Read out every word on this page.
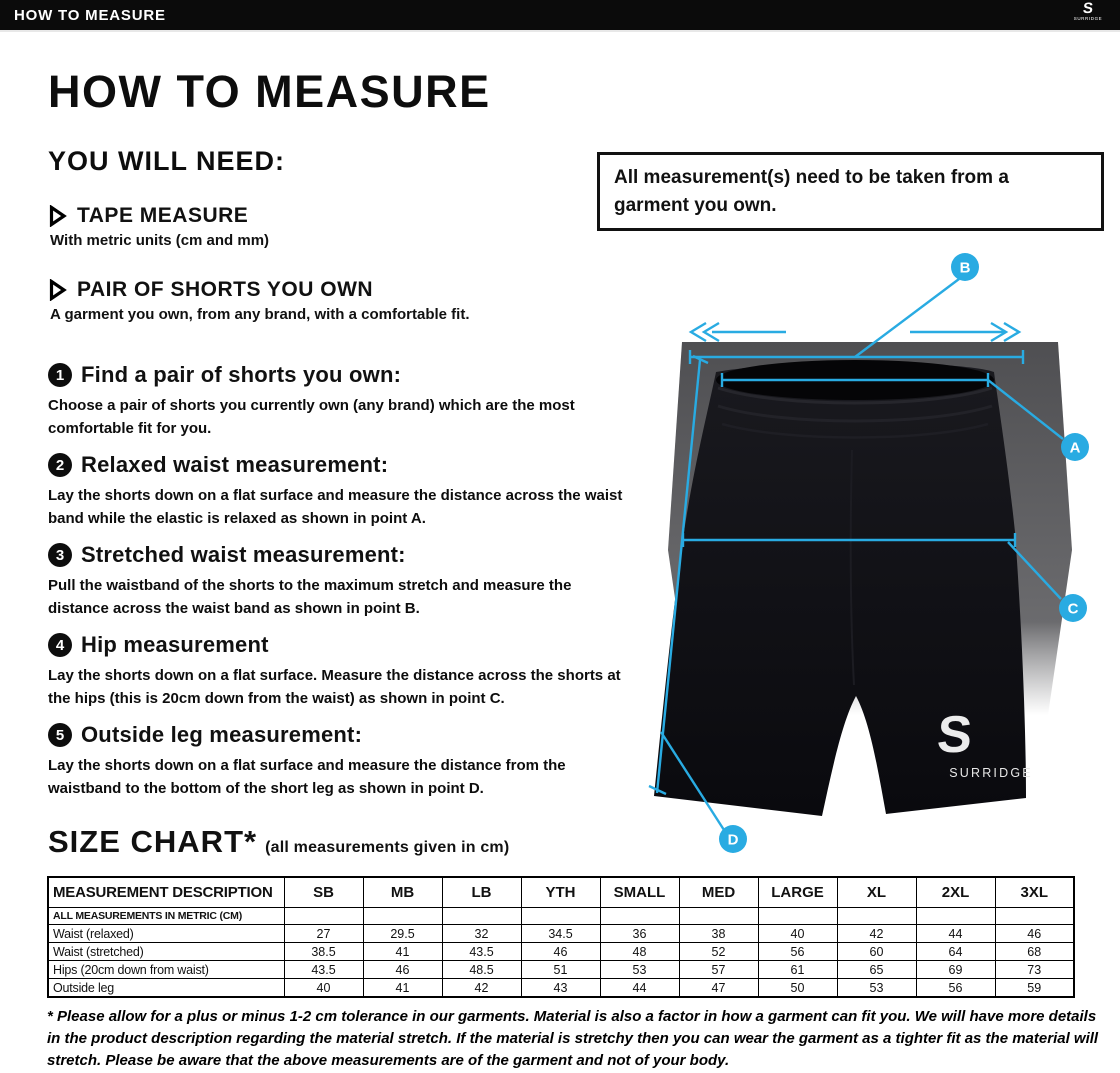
HOW TO MEASURE	S
SURRIDGE
HOW TO MEASURE
YOU WILL NEED:
TAPE MEASURE
With metric units (cm and mm)
PAIR OF SHORTS YOU OWN
A garment you own, from any brand, with a comfortable fit.
All measurement(s) need to be taken from a garment you own.
1 Find a pair of shorts you own:
Choose a pair of shorts you currently own (any brand) which are the most comfortable fit for you.
2 Relaxed waist measurement:
Lay the shorts down on a flat surface and measure the distance across the waist band while the elastic is relaxed as shown in point A.
3 Stretched waist measurement:
Pull the waistband of the shorts to the maximum stretch and measure the distance across the waist band as shown in point B.
4 Hip measurement
Lay the shorts down on a flat surface. Measure the distance across the shorts at the hips (this is 20cm down from the waist) as shown in point C.
5 Outside leg measurement:
Lay the shorts down on a flat surface and measure the distance from the waistband to the bottom of the short leg as shown in point D.
S
SURRIDGE
B
A
C
D
SIZE CHART* (all measurements given in cm)
MEASUREMENT DESCRIPTION	SB	MB	LB	YTH	SMALL	MED	LARGE	XL	2XL	3XL
ALL MEASUREMENTS IN METRIC (CM)										
Waist (relaxed)	27	29.5	32	34.5	36	38	40	42	44	46
Waist (stretched)	38.5	41	43.5	46	48	52	56	60	64	68
Hips (20cm down from waist)	43.5	46	48.5	51	53	57	61	65	69	73
Outside leg	40	41	42	43	44	47	50	53	56	59
* Please allow for a plus or minus 1-2 cm tolerance in our garments. Material is also a factor in how a garment can fit you. We will have more details in the product description regarding the material stretch. If the material is stretchy then you can wear the garment as a tighter fit as the material will stretch. Please be aware that the above measurements are of the garment and not of your body.
